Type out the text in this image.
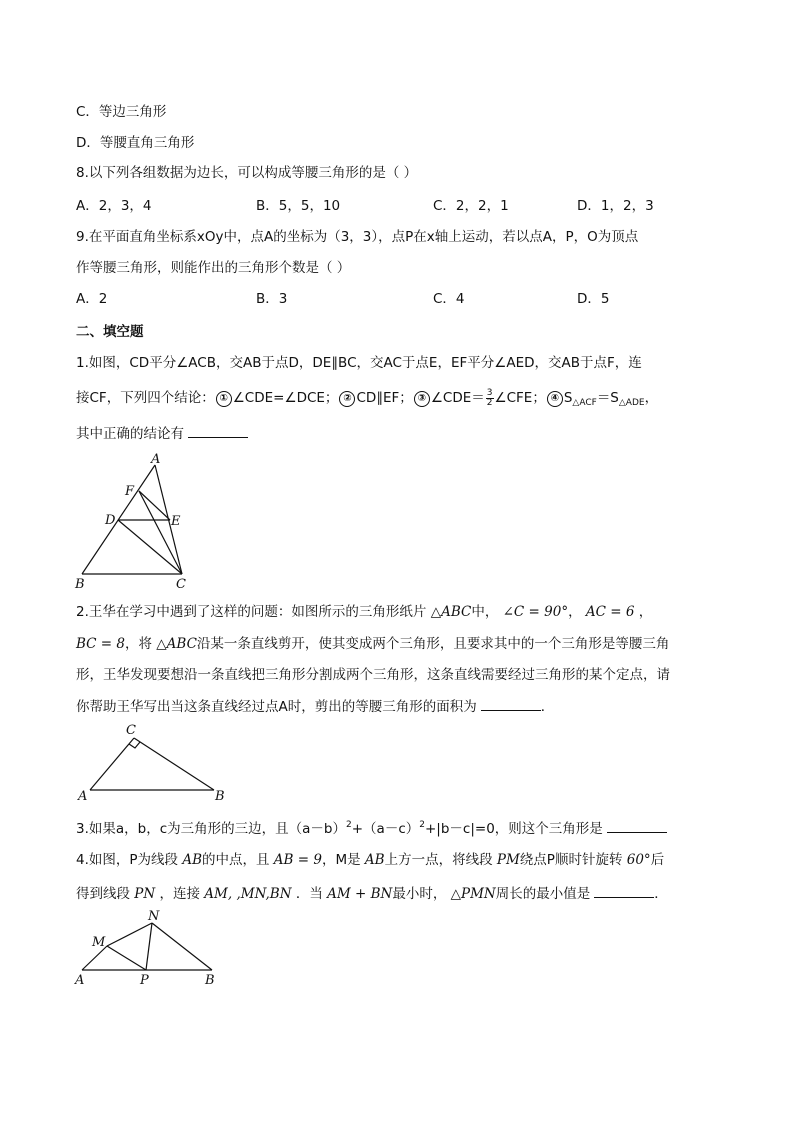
C．等边三角形
D．等腰直角三角形
8.以下列各组数据为边长，可以构成等腰三角形的是（ ）
A．2，3，4	B．5，5，10	C．2，2，1	D．1，2，3
9.在平面直角坐标系xOy中，点A的坐标为（3，3），点P在x轴上运动，若以点A，P，O为顶点
作等腰三角形，则能作出的三角形个数是（ ）
A．2	B．3	C．4	D．5
二、填空题
1.如图，CD平分∠ACB，交AB于点D，DE∥BC，交AC于点E，EF平分∠AED，交AB于点F，连
接CF，下列四个结论： ① ∠CDE=∠DCE； ② CD∥EF； ③ ∠CDE＝ $\frac{3}{2}$ ∠CFE； ④ $S_{\triangle ACF}=S_{\triangle ADE}$，
其中正确的结论有
A
F
D	E
B	C
2.王华在学习中遇到了这样的问题：如图所示的三角形纸片 △ABC中， ∠C = 90°， AC = 6 ，
BC = 8，将 △ABC沿某一条直线剪开，使其变成两个三角形，且要求其中的一个三角形是等腰三角
形，王华发现要想沿一条直线把三角形分割成两个三角形，这条直线需要经过三角形的某个定点，请
你帮助王华写出当这条直线经过点A时，剪出的等腰三角形的面积为	．
C
A	B
3.如果a，b，c为三角形的三边，且$(a-b)^2+(a-c)^2+|b-c|=0$，则这个三角形是
4.如图，P为线段 AB的中点，且 AB = 9，M是 AB上方一点，将线段 PM绕点P顺时针旋转 60°后
得到线段 PN ，连接 AM, ,MN,BN ．当 AM + BN最小时， △PMN周长的最小值是	．
N
M
A	P	B
